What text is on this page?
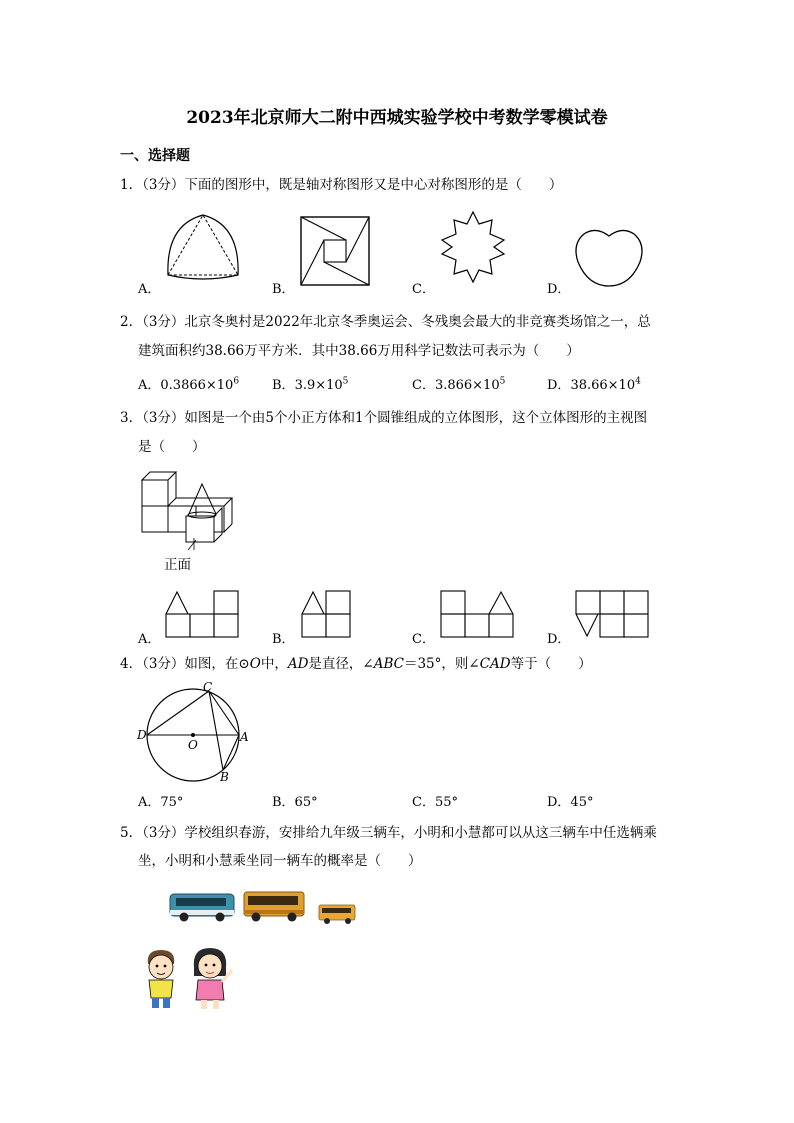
2023年北京师大二附中西城实验学校中考数学零模试卷
一、选择题
1．（3分）下面的图形中，既是轴对称图形又是中心对称图形的是（　　）
A．	B．	C．	D．
2．（3分）北京冬奥村是2022年北京冬季奥运会、冬残奥会最大的非竞赛类场馆之一，总
建筑面积约38.66万平方米．其中38.66万用科学记数法可表示为（　　）
A．$0.3866\times 10^6$	B．$3.9\times 10^5$	C．$3.866\times 10^5$	D．$38.66\times 10^4$
3．（3分）如图是一个由5个小正方体和1个圆锥组成的立体图形，这个立体图形的主视图
是（　　）
正面
A．	B．	C．	D．
4．（3分）如图，在⊙O中，AD是直径，∠ABC＝35°，则∠CAD等于（　　）
C
D
O
A
B
A．75°	B．65°	C．55°	D．45°
5．（3分）学校组织春游，安排给九年级三辆车，小明和小慧都可以从这三辆车中任选辆乘
坐，小明和小慧乘坐同一辆车的概率是（　　）
